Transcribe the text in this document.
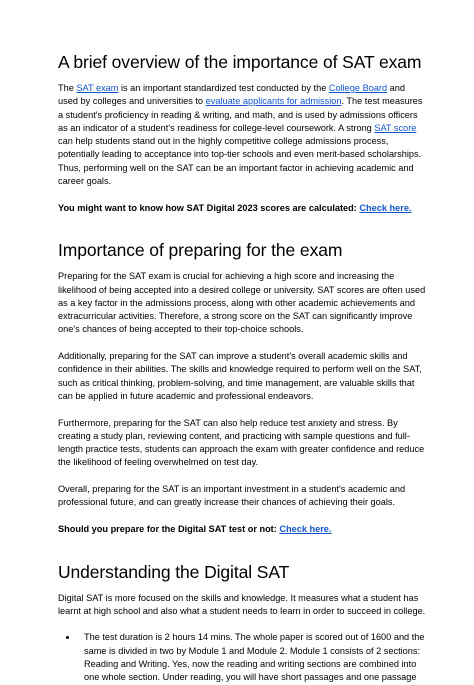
A brief overview of the importance of SAT exam

The SAT exam is an important standardized test conducted by the College Board and used by colleges and universities to evaluate applicants for admission. The test measures a student's proficiency in reading & writing, and math, and is used by admissions officers as an indicator of a student's readiness for college-level coursework. A strong SAT score can help students stand out in the highly competitive college admissions process, potentially leading to acceptance into top-tier schools and even merit-based scholarships. Thus, performing well on the SAT can be an important factor in achieving academic and career goals.

You might want to know how SAT Digital 2023 scores are calculated: Check here.

Importance of preparing for the exam

Preparing for the SAT exam is crucial for achieving a high score and increasing the likelihood of being accepted into a desired college or university. SAT scores are often used as a key factor in the admissions process, along with other academic achievements and extracurricular activities. Therefore, a strong score on the SAT can significantly improve one's chances of being accepted to their top-choice schools.

Additionally, preparing for the SAT can improve a student's overall academic skills and confidence in their abilities. The skills and knowledge required to perform well on the SAT, such as critical thinking, problem-solving, and time management, are valuable skills that can be applied in future academic and professional endeavors.

Furthermore, preparing for the SAT can also help reduce test anxiety and stress. By creating a study plan, reviewing content, and practicing with sample questions and full-length practice tests, students can approach the exam with greater confidence and reduce the likelihood of feeling overwhelmed on test day.

Overall, preparing for the SAT is an important investment in a student's academic and professional future, and can greatly increase their chances of achieving their goals.

Should you prepare for the Digital SAT test or not: Check here.

Understanding the Digital SAT

Digital SAT is more focused on the skills and knowledge. It measures what a student has learnt at high school and also what a student needs to learn in order to succeed in college.

• The test duration is 2 hours 14 mins. The whole paper is scored out of 1600 and the same is divided in two by Module 1 and Module 2. Module 1 consists of 2 sections: Reading and Writing. Yes, now the reading and writing sections are combined into one whole section. Under reading, you will have short passages and one passage
